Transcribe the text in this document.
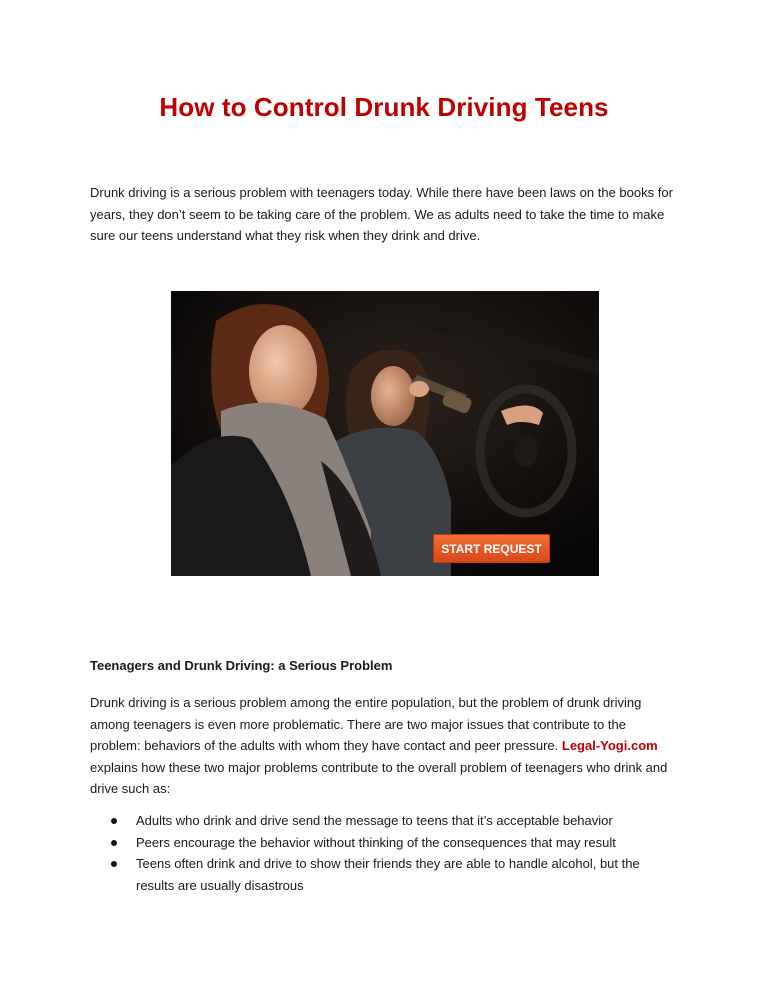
How to Control Drunk Driving Teens
Drunk driving is a serious problem with teenagers today. While there have been laws on the books for years, they don’t seem to be taking care of the problem. We as adults need to take the time to make sure our teens understand what they risk when they drink and drive.
START REQUEST
Teenagers and Drunk Driving: a Serious Problem
Drunk driving is a serious problem among the entire population, but the problem of drunk driving among teenagers is even more problematic. There are two major issues that contribute to the problem: behaviors of the adults with whom they have contact and peer pressure. Legal-Yogi.com explains how these two major problems contribute to the overall problem of teenagers who drink and drive such as:
Adults who drink and drive send the message to teens that it’s acceptable behavior
Peers encourage the behavior without thinking of the consequences that may result
Teens often drink and drive to show their friends they are able to handle alcohol, but the results are usually disastrous
